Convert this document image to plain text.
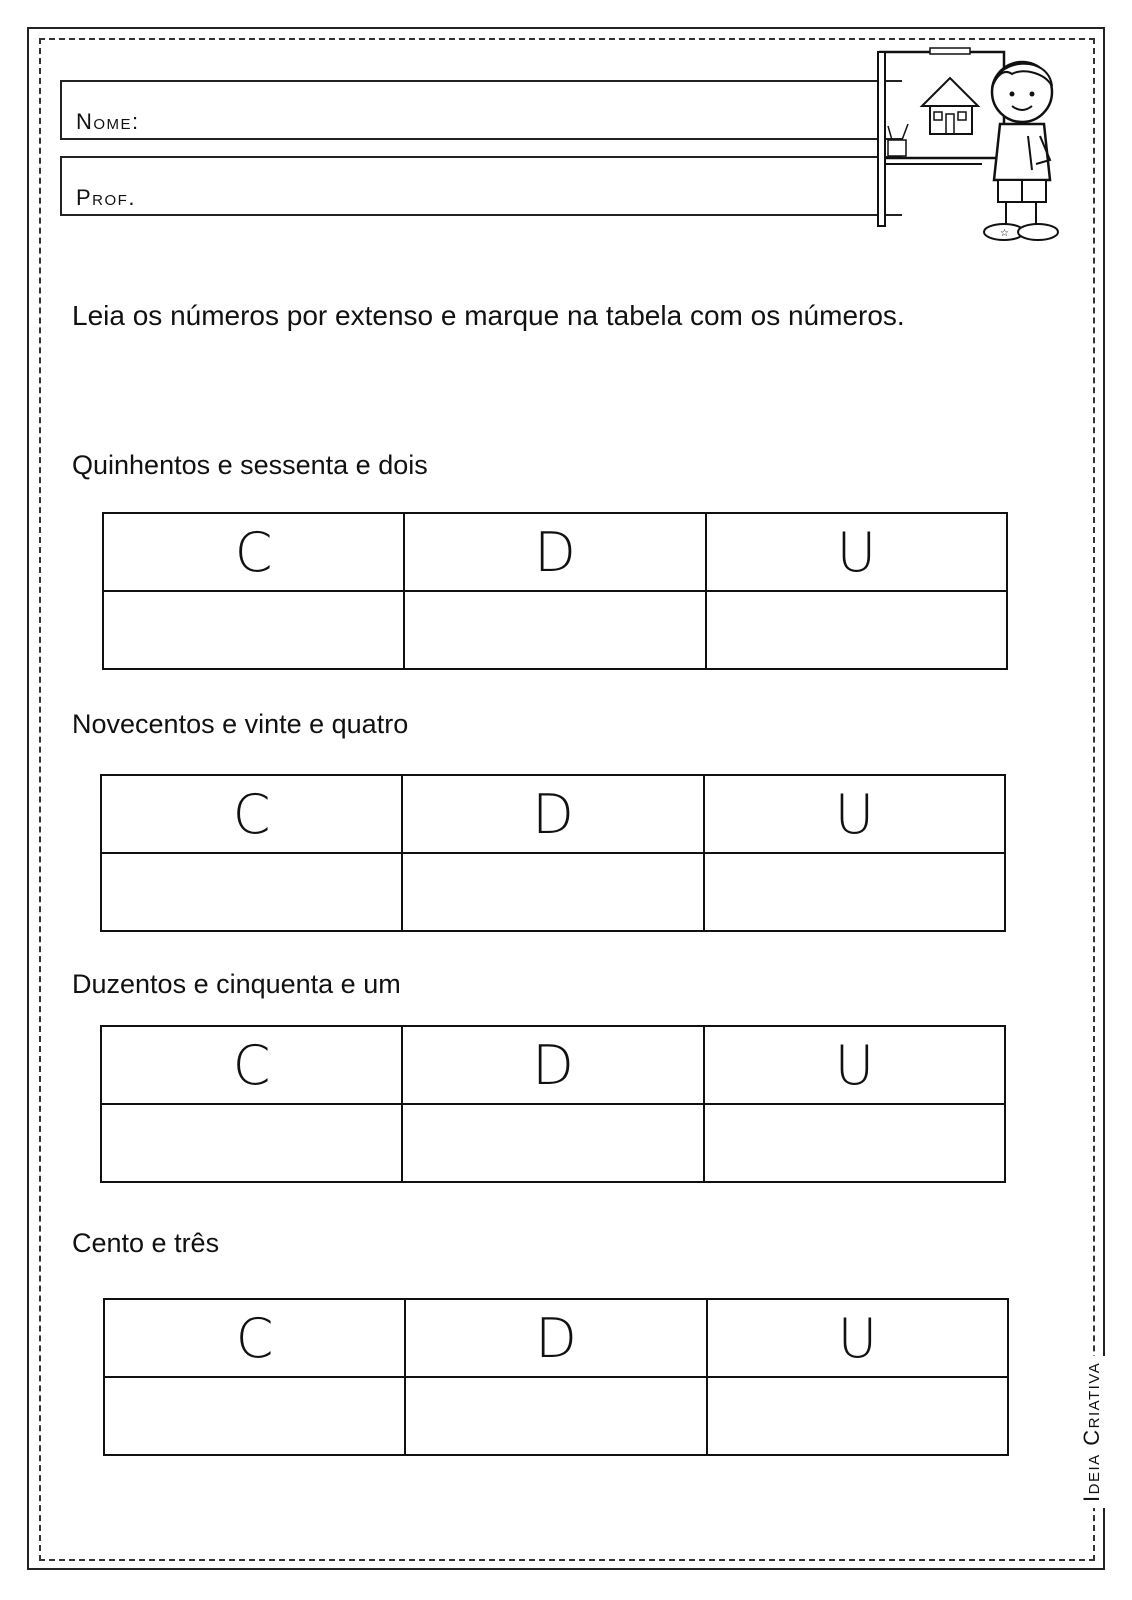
Nome:
Prof.
☆
Leia os números por extenso e marque na tabela com os números.
Quinhentos e sessenta e dois
C	D	U

Novecentos e vinte e quatro
C	D	U

Duzentos e cinquenta e um
C	D	U

Cento e três
C	D	U

Ideia Criativa
